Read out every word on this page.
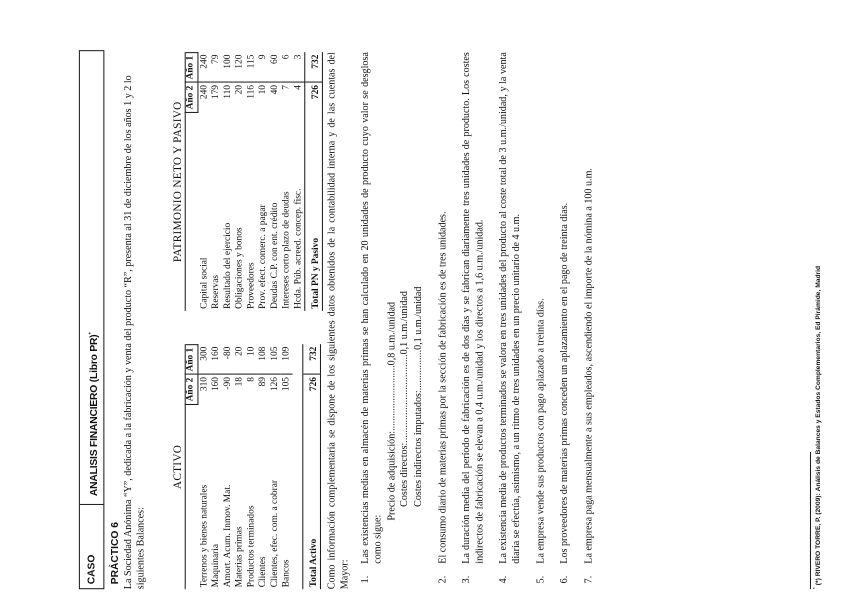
CASO PRÁCTICO 6
ANALISIS FINANCIERO (Libro PR)*	La Sociedad Anónima “Y”, dedicada a la fabricación y venta del producto “R”, presenta al 31 de diciembre de los años 1 y 2 lo siguientes Balances:

ACTIVO		
	Año 2	Año 1
Terrenos y bienes naturales	310	300
Maquinaria	160	160
Amort. Acum. Inmov. Mat.	-90	-80
Materias primas	18	20
Productos terminados	8	10
Clientes	89	108
Clientes, efec. com. a cobrar	126	105
Bancos	105	109

Total Activo	726	732
PATRIMONIO NETO Y PASIVO		
	Año 2	Año 1
Capital social	240	240
Reservas	179	79
Resultado del ejercicio	110	100
Obligaciones y bonos	20	120
Proveedores	116	115
Prov. efect. comerc. a pagar	10	9
Deudas C.P. con ent. crédito	40	60
Intereses corto plazo de deudas	7	6
Hcda. Púb. acreed. concep. fisc.	4	3
Total PN y Pasivo	726	732 Como información complementaria se dispone de los siguientes datos obtenidos de la contabilidad interna y de las cuentas del Mayor: 1.
Las existencias medias en almacén de materias primas se han calculado en 20 unidades de producto cuyo valor se desglosa como sigue:
Precio de adquisición:..........................0,8 u.m./unidad
Costes directos:...................................0,1 u.m./unidad
Costes indirectos imputados:................0,1 u.m./unidad
2.
El consumo diario de materias primas por la sección de fabricación es de tres unidades.
3.
La duración media del período de fabricación es de dos días y se fabrican diariamente tres unidades de producto. Los costes indirectos de fabricación se elevan a 0,4 u.m./unidad y los directos a 1,6 u.m./unidad.
4.
La existencia media de productos terminados se valora en tres unidades del producto al coste total de 3 u.m./unidad, y la venta diaria se efectúa, asimismo, a un ritmo de tres unidades en un precio unitario de 4 u.m.
5.
La empresa vende sus productos con pago aplazado a treinta días.
6.
Los proveedores de materias primas conceden un aplazamiento en el pago de treinta días.
7.
La empresa paga mensualmente a sus empleados, ascendiendo el importe de la nómina a 100 u.m.
* (*) RIVERO TORRE, P. (2009): Análisis de Balances y Estados Complementarios, Ed Pirámide, Madrid
